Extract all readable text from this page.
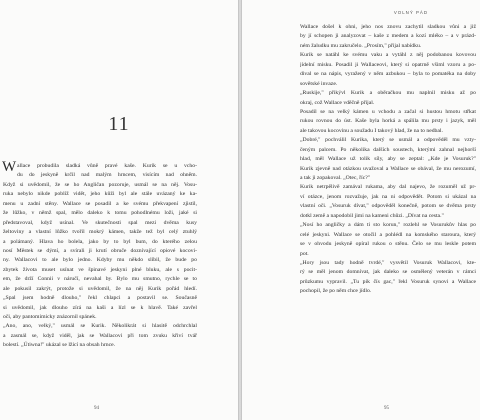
11
W allace probudila sladká vůně pravé kaše. Kurik se u vcho-
du do jeskyně krčil nad malým hrncem, visícím nad ohněm.
Když si uvědomil, že se ho Angličan pozoruje, usmál se na něj. Vosu-
ruka nebylo nikde poblíž vidět, jeho kůži byl ale stále uvázaný ke ka-
menu u zadní stěny. Wallace se posadil a ke svému překvapení zjistil,
že lůžko, v němž spal, mělo daleko k tomu pohodlnému loži, jaké si
představoval, když usínal. Ve skutečnosti spal mezi dvěma kusy
želtoviny a vlastní lůžko tvořil mokrý kámen, takže tež byl celý ztuhlý
a polámaný. Hlava ho bolela, jako by to byl bum, do kterého zelou
nosí Městek se dýmí, a svírali ji krutí obruče doznívající opiové kocovi-
ny. Wallacovi to ale bylo jedno. Kdyby mu někdo slíbil, že bude po
zbytek života muset usínat ve špinavé jeskyni plné bluku, ale s pocit-
em, že drží Connii v náručí, nevahal by. Bylo mu smutno, rychle se to
ale pokusil zakrýt, protože si uvědomil, že na něj Kurik pořád hledí.
„Spal jsem hodně dlouho," řekl chlapci a postavil se. Současně
si uvědomil, jak dlouho zírá na kaši a lízl se k hlavě. Také zavřel
oči, aby pantomimicky znázornil spánek.
„Ano, ano, velký," usmál se Kurik. Několikrát si hlasitě odchrchlal
a zasmál se, když viděl, jak se Wallacovi při tom zvuku křiví tvář
bolestí. „Útiwna!" ukázal se lžicí na obsah hrnce.
94
VOLNÝ PÁD
Wallace došel k ohni, jeho nos znovu zachytil sladkou vůni a již
by jí schopen ji analyzovat – kaše z medem a kozí mléko – a v prázd-
ném žaludku mu zakručelo. „Prosím," přijal nabídku.
Kurik se natáhl ke svému vaku a vytáhl z něj podobanou kovovou
jídelní misku. Posadil ji Wallaceovi, který si opatrně všiml vzoru a po-
dival se na nápis, vyražený v něm azbukou – byla to pomatéka na doby
sovětské invaze.
„Ruskije," přikývl Kurik a oběračkou mu naplnil misku až po
okraj, což Wallace vděčně přijal.
Posadil se na velký kámen u vchodu a začal si hustou hmotu střkat
rukou rovnou do úst. Kaše byla horká a spálila mu prsty i jazyk, měl
ale takovou kocovinu a soužadu I takový hlad, že na to nedbal.
„Dobré," pochválil Kurika, který se usmál a odpověděl mu vzty-
čeným palcem. Po několika dalších soustech, kterými zahnal nejhorší
hlad, měl Wallace už tolik síly, aby se zeptal: „Kde je Vosuruk?"
Kurik zjevně nad otázkou uvažoval a Wallace se obával, že mu nerozumí,
a tak ji zopakoval. „Otec, říc?"
Kurik netrpělivě zamával rukama, aby dal najevo, že rozuměl už pr-
ví otázce, jenom rozvažuje, jak na ni odpovědět. Potom si ukázal na
vlastní oči. „Vosuruk dívat," odpověděl konečně, potom se dvěma prsty
dotkl země a napodobil jimi na kameni chůzi. „Dívat na cesta."
„Nosí ho angličky a dám ti sto korun," rozlehl se Vosurukův hlas po
celé jeskyni. Wallace se otočil a pohlédl na komského staroura, který
se v ohvodu jeskyně opíral rukou o stěnu. Čelo se mu leskle potem
pot.
„Hory jsou tady hodně tvrdé," vysvětil Vosuruk Wallacovi, kte-
rý se měl jenom domnívat, jak daleko se osmělený veterán v rámci
průzkumu vypravil. „Tu pik čís gac," řekl Vosuruk synovi a Wallace
pochopil, že po něm chce jídlo.
95
